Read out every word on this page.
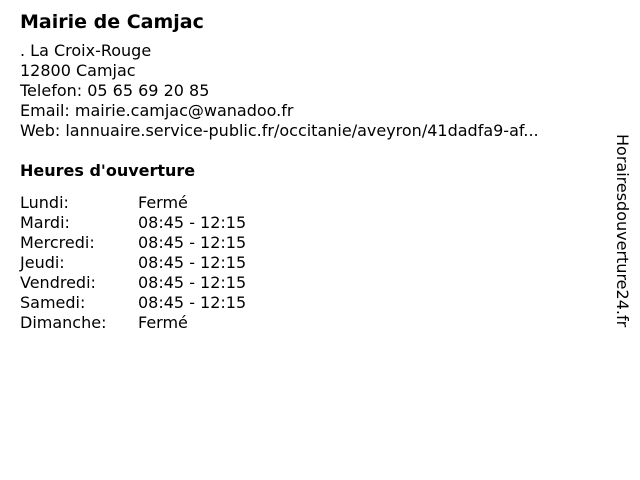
Mairie de Camjac
. La Croix-Rouge
12800 Camjac
Telefon: 05 65 69 20 85
Email: mairie.camjac@wanadoo.fr
Web: lannuaire.service-public.fr/occitanie/aveyron/41dadfa9-af...
Heures d'ouverture
Lundi:	Fermé
Mardi:	08:45 - 12:15
Mercredi:	08:45 - 12:15
Jeudi:	08:45 - 12:15
Vendredi:	08:45 - 12:15
Samedi:	08:45 - 12:15
Dimanche:	Fermé	Horairesdouverture24.fr
